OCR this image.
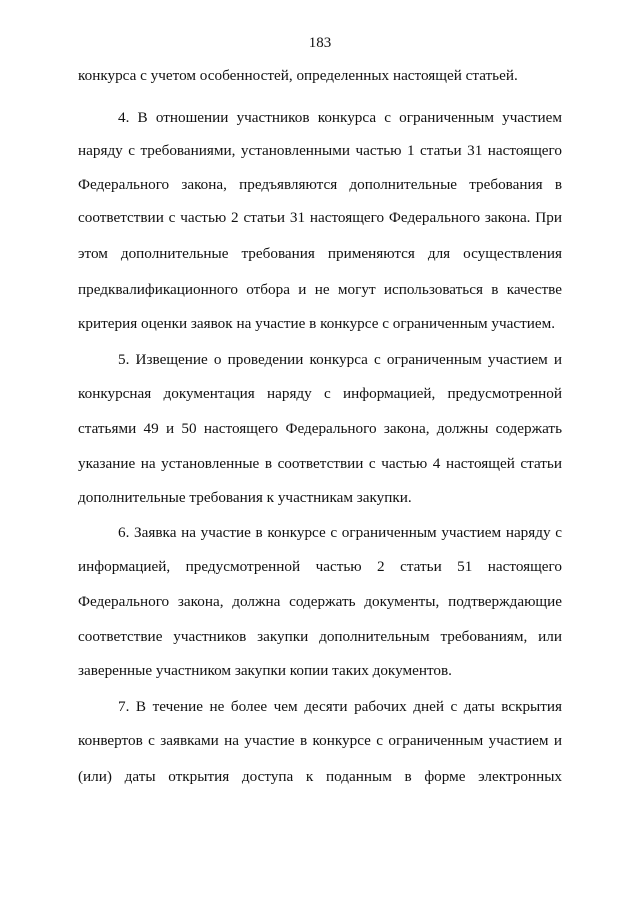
183
конкурса с учетом особенностей, определенных настоящей статьей.
4. В отношении участников конкурса с ограниченным участием
наряду с требованиями, установленными частью 1 статьи 31 настоящего
Федерального закона, предъявляются дополнительные требования в
соответствии с частью 2 статьи 31 настоящего Федерального закона. При
этом дополнительные требования применяются для осуществления
предквалификационного отбора и не могут использоваться в качестве
критерия оценки заявок на участие в конкурсе с ограниченным участием.
5. Извещение о проведении конкурса с ограниченным участием и
конкурсная документация наряду с информацией, предусмотренной
статьями 49 и 50 настоящего Федерального закона, должны содержать
указание на установленные в соответствии с частью 4 настоящей статьи
дополнительные требования к участникам закупки.
6. Заявка на участие в конкурсе с ограниченным участием наряду с
информацией, предусмотренной частью 2 статьи 51 настоящего
Федерального закона, должна содержать документы, подтверждающие
соответствие участников закупки дополнительным требованиям, или
заверенные участником закупки копии таких документов.
7. В течение не более чем десяти рабочих дней с даты вскрытия
конвертов с заявками на участие в конкурсе с ограниченным участием и
(или) даты открытия доступа к поданным в форме электронных
